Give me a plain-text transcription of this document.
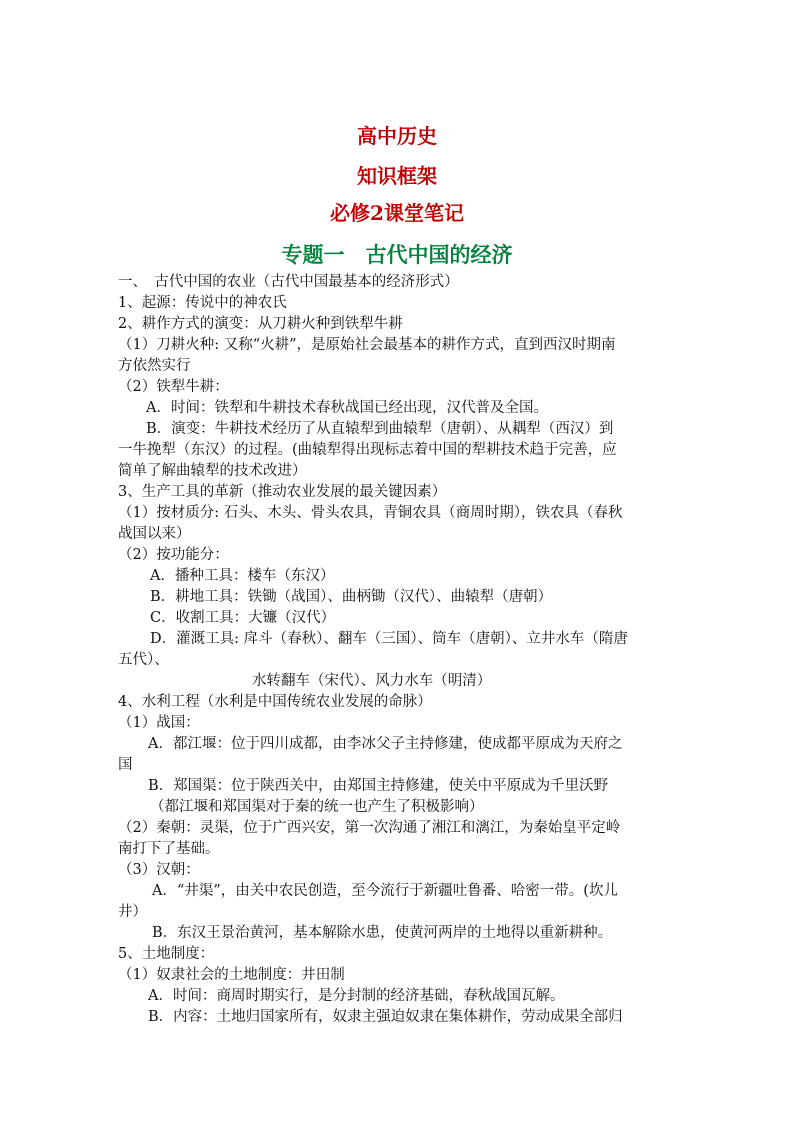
高中历史
知识框架
必修2课堂笔记
专题一　古代中国的经济
一、　古代中国的农业（古代中国最基本的经济形式）
1、起源：传说中的神农氏
2、耕作方式的演变：从刀耕火种到铁犁牛耕
（1）刀耕火种: 又称“火耕”，是原始社会最基本的耕作方式，直到西汉时期南
方依然实行
（2）铁犁牛耕：
A．时间：铁犁和牛耕技术春秋战国已经出现，汉代普及全国。
B．演变：牛耕技术经历了从直辕犁到曲辕犁（唐朝）、从耦犁（西汉）到
一牛挽犁（东汉）的过程。(曲辕犁得出现标志着中国的犁耕技术趋于完善，应
简单了解曲辕犁的技术改进）
3、生产工具的革新（推动农业发展的最关键因素）
（1）按材质分: 石头、木头、骨头农具，青铜农具（商周时期），铁农具（春秋
战国以来）
（2）按功能分：
A．播种工具：楼车（东汉）
B．耕地工具：铁锄（战国）、曲柄锄（汉代）、曲辕犁（唐朝）
C．收割工具：大镰（汉代）
D．灌溉工具: 戽斗（春秋）、翻车（三国）、筒车（唐朝）、立井水车（隋唐
五代）、
水转翻车（宋代）、风力水车（明清）
4、水利工程（水利是中国传统农业发展的命脉）
（1）战国：
A．都江堰：位于四川成都，由李冰父子主持修建，使成都平原成为天府之
国
B．郑国渠：位于陕西关中，由郑国主持修建，使关中平原成为千里沃野
（都江堰和郑国渠对于秦的统一也产生了积极影响）
（2）秦朝：灵渠，位于广西兴安，第一次沟通了湘江和漓江，为秦始皇平定岭
南打下了基础。
（3）汉朝：
A．“井渠”，由关中农民创造，至今流行于新疆吐鲁番、哈密一带。(坎儿
井）
B．东汉王景治黄河，基本解除水患，使黄河两岸的土地得以重新耕种。
5、土地制度：
（1）奴隶社会的土地制度：井田制
A．时间：商周时期实行，是分封制的经济基础，春秋战国瓦解。
B．内容：土地归国家所有，奴隶主强迫奴隶在集体耕作，劳动成果全部归
